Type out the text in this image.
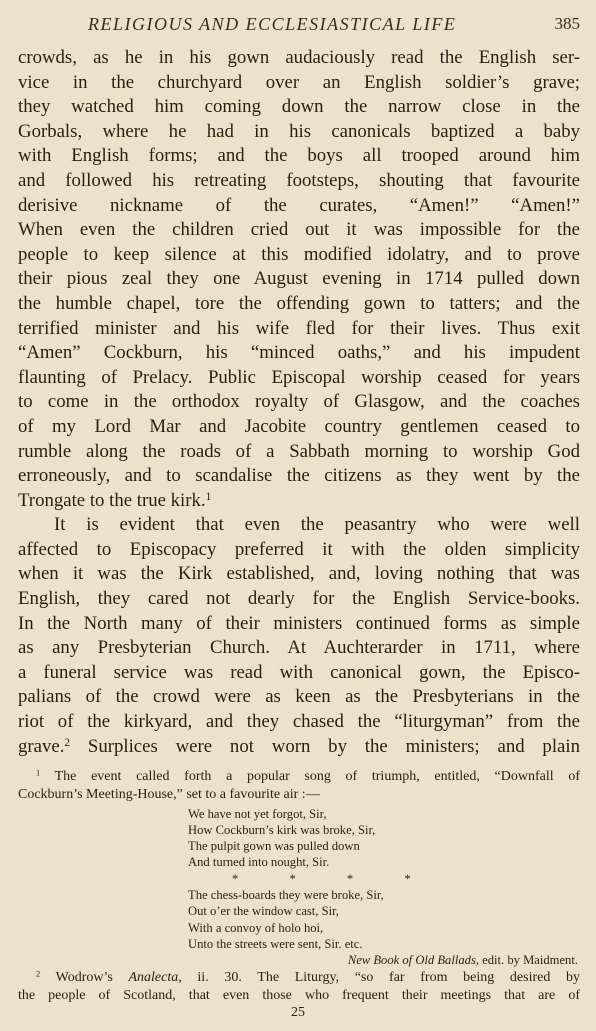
RELIGIOUS AND ECCLESIASTICAL LIFE	385
crowds, as he in his gown audaciously read the English ser-
vice in the churchyard over an English soldier’s grave;
they watched him coming down the narrow close in the
Gorbals, where he had in his canonicals baptized a baby
with English forms; and the boys all trooped around him
and followed his retreating footsteps, shouting that favourite
derisive nickname of the curates, “Amen!” “Amen!”
When even the children cried out it was impossible for the
people to keep silence at this modified idolatry, and to prove
their pious zeal they one August evening in 1714 pulled down
the humble chapel, tore the offending gown to tatters; and the
terrified minister and his wife fled for their lives. Thus exit
“Amen” Cockburn, his “minced oaths,” and his impudent
flaunting of Prelacy. Public Episcopal worship ceased for years
to come in the orthodox royalty of Glasgow, and the coaches
of my Lord Mar and Jacobite country gentlemen ceased to
rumble along the roads of a Sabbath morning to worship God
erroneously, and to scandalise the citizens as they went by the
Trongate to the true kirk.$^1$
It is evident that even the peasantry who were well
affected to Episcopacy preferred it with the olden simplicity
when it was the Kirk established, and, loving nothing that was
English, they cared not dearly for the English Service-books.
In the North many of their ministers continued forms as simple
as any Presbyterian Church. At Auchterarder in 1711, where
a funeral service was read with canonical gown, the Episco-
palians of the crowd were as keen as the Presbyterians in the
riot of the kirkyard, and they chased the “liturgyman” from the
grave.$^2$ Surplices were not worn by the ministers; and plain
$^1$ The event called forth a popular song of triumph, entitled, “Downfall of
Cockburn’s Meeting-House,” set to a favourite air :—
We have not yet forgot, Sir,
How Cockburn’s kirk was broke, Sir,
The pulpit gown was pulled down
And turned into nought, Sir.
* * * *
The chess-boards they were broke, Sir,
Out o’er the window cast, Sir,
With a convoy of holo hoi,
Unto the streets were sent, Sir. etc.
New Book of Old Ballads, edit. by Maidment.
$^2$ Wodrow’s Analecta, ii. 30. The Liturgy, “so far from being desired by
the people of Scotland, that even those who frequent their meetings that are of
25
